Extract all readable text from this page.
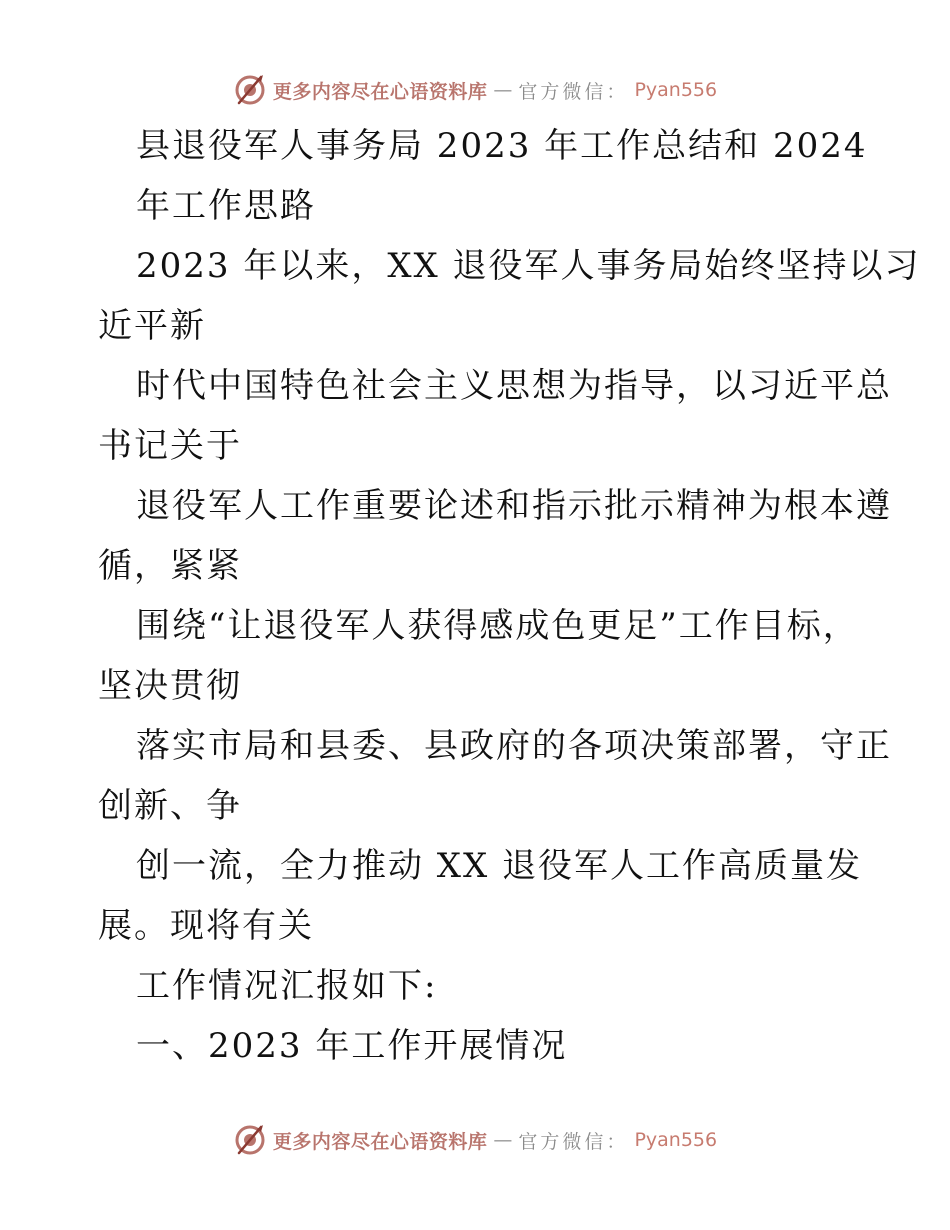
更多内容尽在心语资料库 — 官方微信： Pyan556

县退役军人事务局 2023 年工作总结和 2024

年工作思路

2023 年以来，XX 退役军人事务局始终坚持以习

近平新

时代中国特色社会主义思想为指导，以习近平总

书记关于

退役军人工作重要论述和指示批示精神为根本遵

循，紧紧

围绕“让退役军人获得感成色更足”工作目标，

坚决贯彻

落实市局和县委、县政府的各项决策部署，守正

创新、争

创一流，全力推动 XX 退役军人工作高质量发

展。现将有关

工作情况汇报如下:

一、2023 年工作开展情况

更多内容尽在心语资料库 — 官方微信： Pyan556
